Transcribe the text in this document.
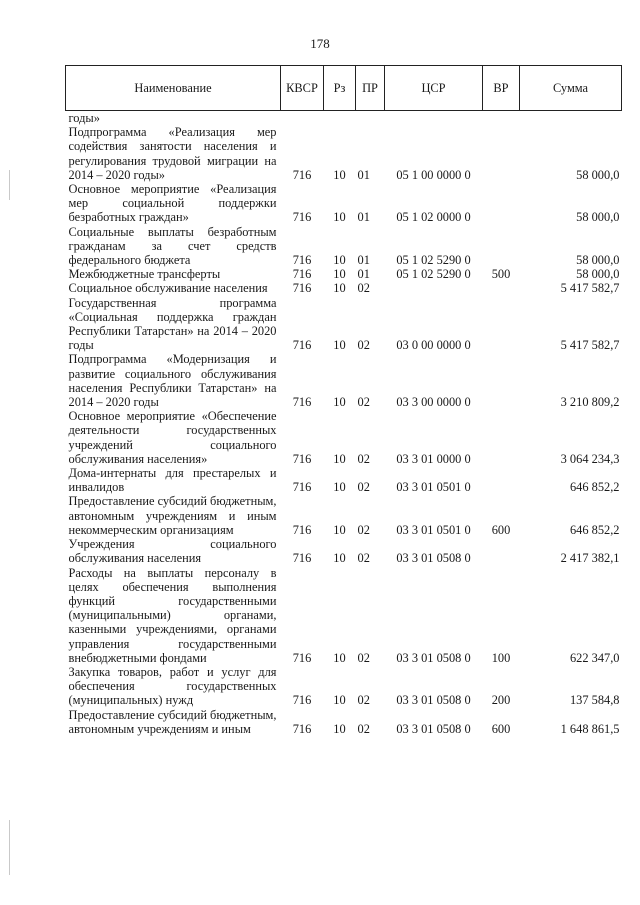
178
Наименование	КВСР	Рз	ПР	ЦСР	ВР	Сумма
годы»						
Подпрограмма «Реализация мер содействия занятости населения и регулирования трудовой миграции на 2014 – 2020 годы»	716	10	01	05 1 00 0000 0		58 000,0
Основное мероприятие «Реализация мер социальной поддержки безработных граждан»	716	10	01	05 1 02 0000 0		58 000,0
Социальные выплаты безработным гражданам за счет средств федерального бюджета	716	10	01	05 1 02 5290 0		58 000,0
Межбюджетные трансферты	716	10	01	05 1 02 5290 0	500	58 000,0
Социальное обслуживание населения	716	10	02			5 417 582,7
Государственная программа «Социальная поддержка граждан Республики Татарстан» на 2014 – 2020 годы	716	10	02	03 0 00 0000 0		5 417 582,7
Подпрограмма «Модернизация и развитие социального обслуживания населения Республики Татарстан» на 2014 – 2020 годы	716	10	02	03 3 00 0000 0		3 210 809,2
Основное мероприятие «Обеспечение деятельности государственных учреждений социального обслуживания населения»	716	10	02	03 3 01 0000 0		3 064 234,3
Дома-интернаты для престарелых и инвалидов	716	10	02	03 3 01 0501 0		646 852,2
Предоставление субсидий бюджетным, автономным учреждениям и иным некоммерческим организациям	716	10	02	03 3 01 0501 0	600	646 852,2
Учреждения социального обслуживания населения	716	10	02	03 3 01 0508 0		2 417 382,1
Расходы на выплаты персоналу в целях обеспечения выполнения функций государственными (муниципальными) органами, казенными учреждениями, органами управления государственными внебюджетными фондами	716	10	02	03 3 01 0508 0	100	622 347,0
Закупка товаров, работ и услуг для обеспечения государственных (муниципальных) нужд	716	10	02	03 3 01 0508 0	200	137 584,8
Предоставление субсидий бюджетным, автономным учреждениям и иным	716	10	02	03 3 01 0508 0	600	1 648 861,5
